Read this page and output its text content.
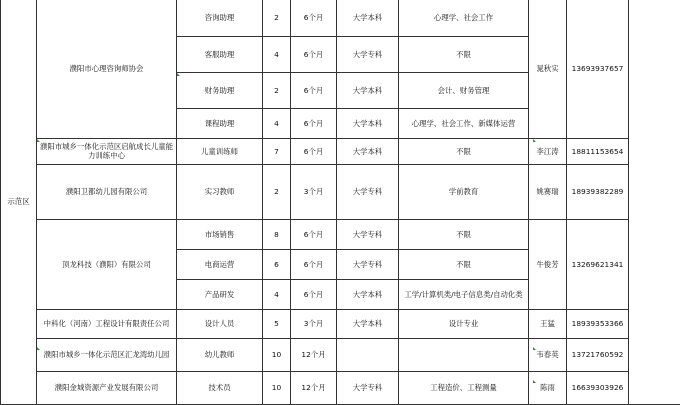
示范区	濮阳市心理咨询师协会	咨询助理	2	6个月	大学本科	心理学、社会工作	晁秋实	13693937657	
		客服助理	4	6个月	大学专科	不限			
		财务助理	2	6个月	大学本科	会计、财务管理			
		课程助理	4	6个月	大学本科	心理学、社会工作、新媒体运营			
	濮阳市城乡一体化示范区启航成长儿童能力训练中心	儿童训练师	7	6个月	大学本科	不限	李江涛	18811153654	
	濮阳卫都幼儿园有限公司	实习教师	2	3个月	大学专科	学前教育	姚赛瑞	18939382289	
	顶龙科技（濮阳）有限公司	市场销售	8	6个月	大学专科	不限	牛俊芳	13269621341	
		电商运营	6	6个月	大学专科	不限			
		产品研发	4	6个月	大学本科	工学/计算机类/电子信息类/自动化类			
	中科化（河南）工程设计有限责任公司	设计人员	5	3个月	大学本科	设计专业	王猛	18939353366	
	濮阳市城乡一体化示范区汇龙湾幼儿园	幼儿教师	10	12个月			韦春英	13721760592	
	濮阳金城资源产业发展有限公司	技术员	10	12个月	大学专科	工程造价、工程测量	陈雨	16639303926	
